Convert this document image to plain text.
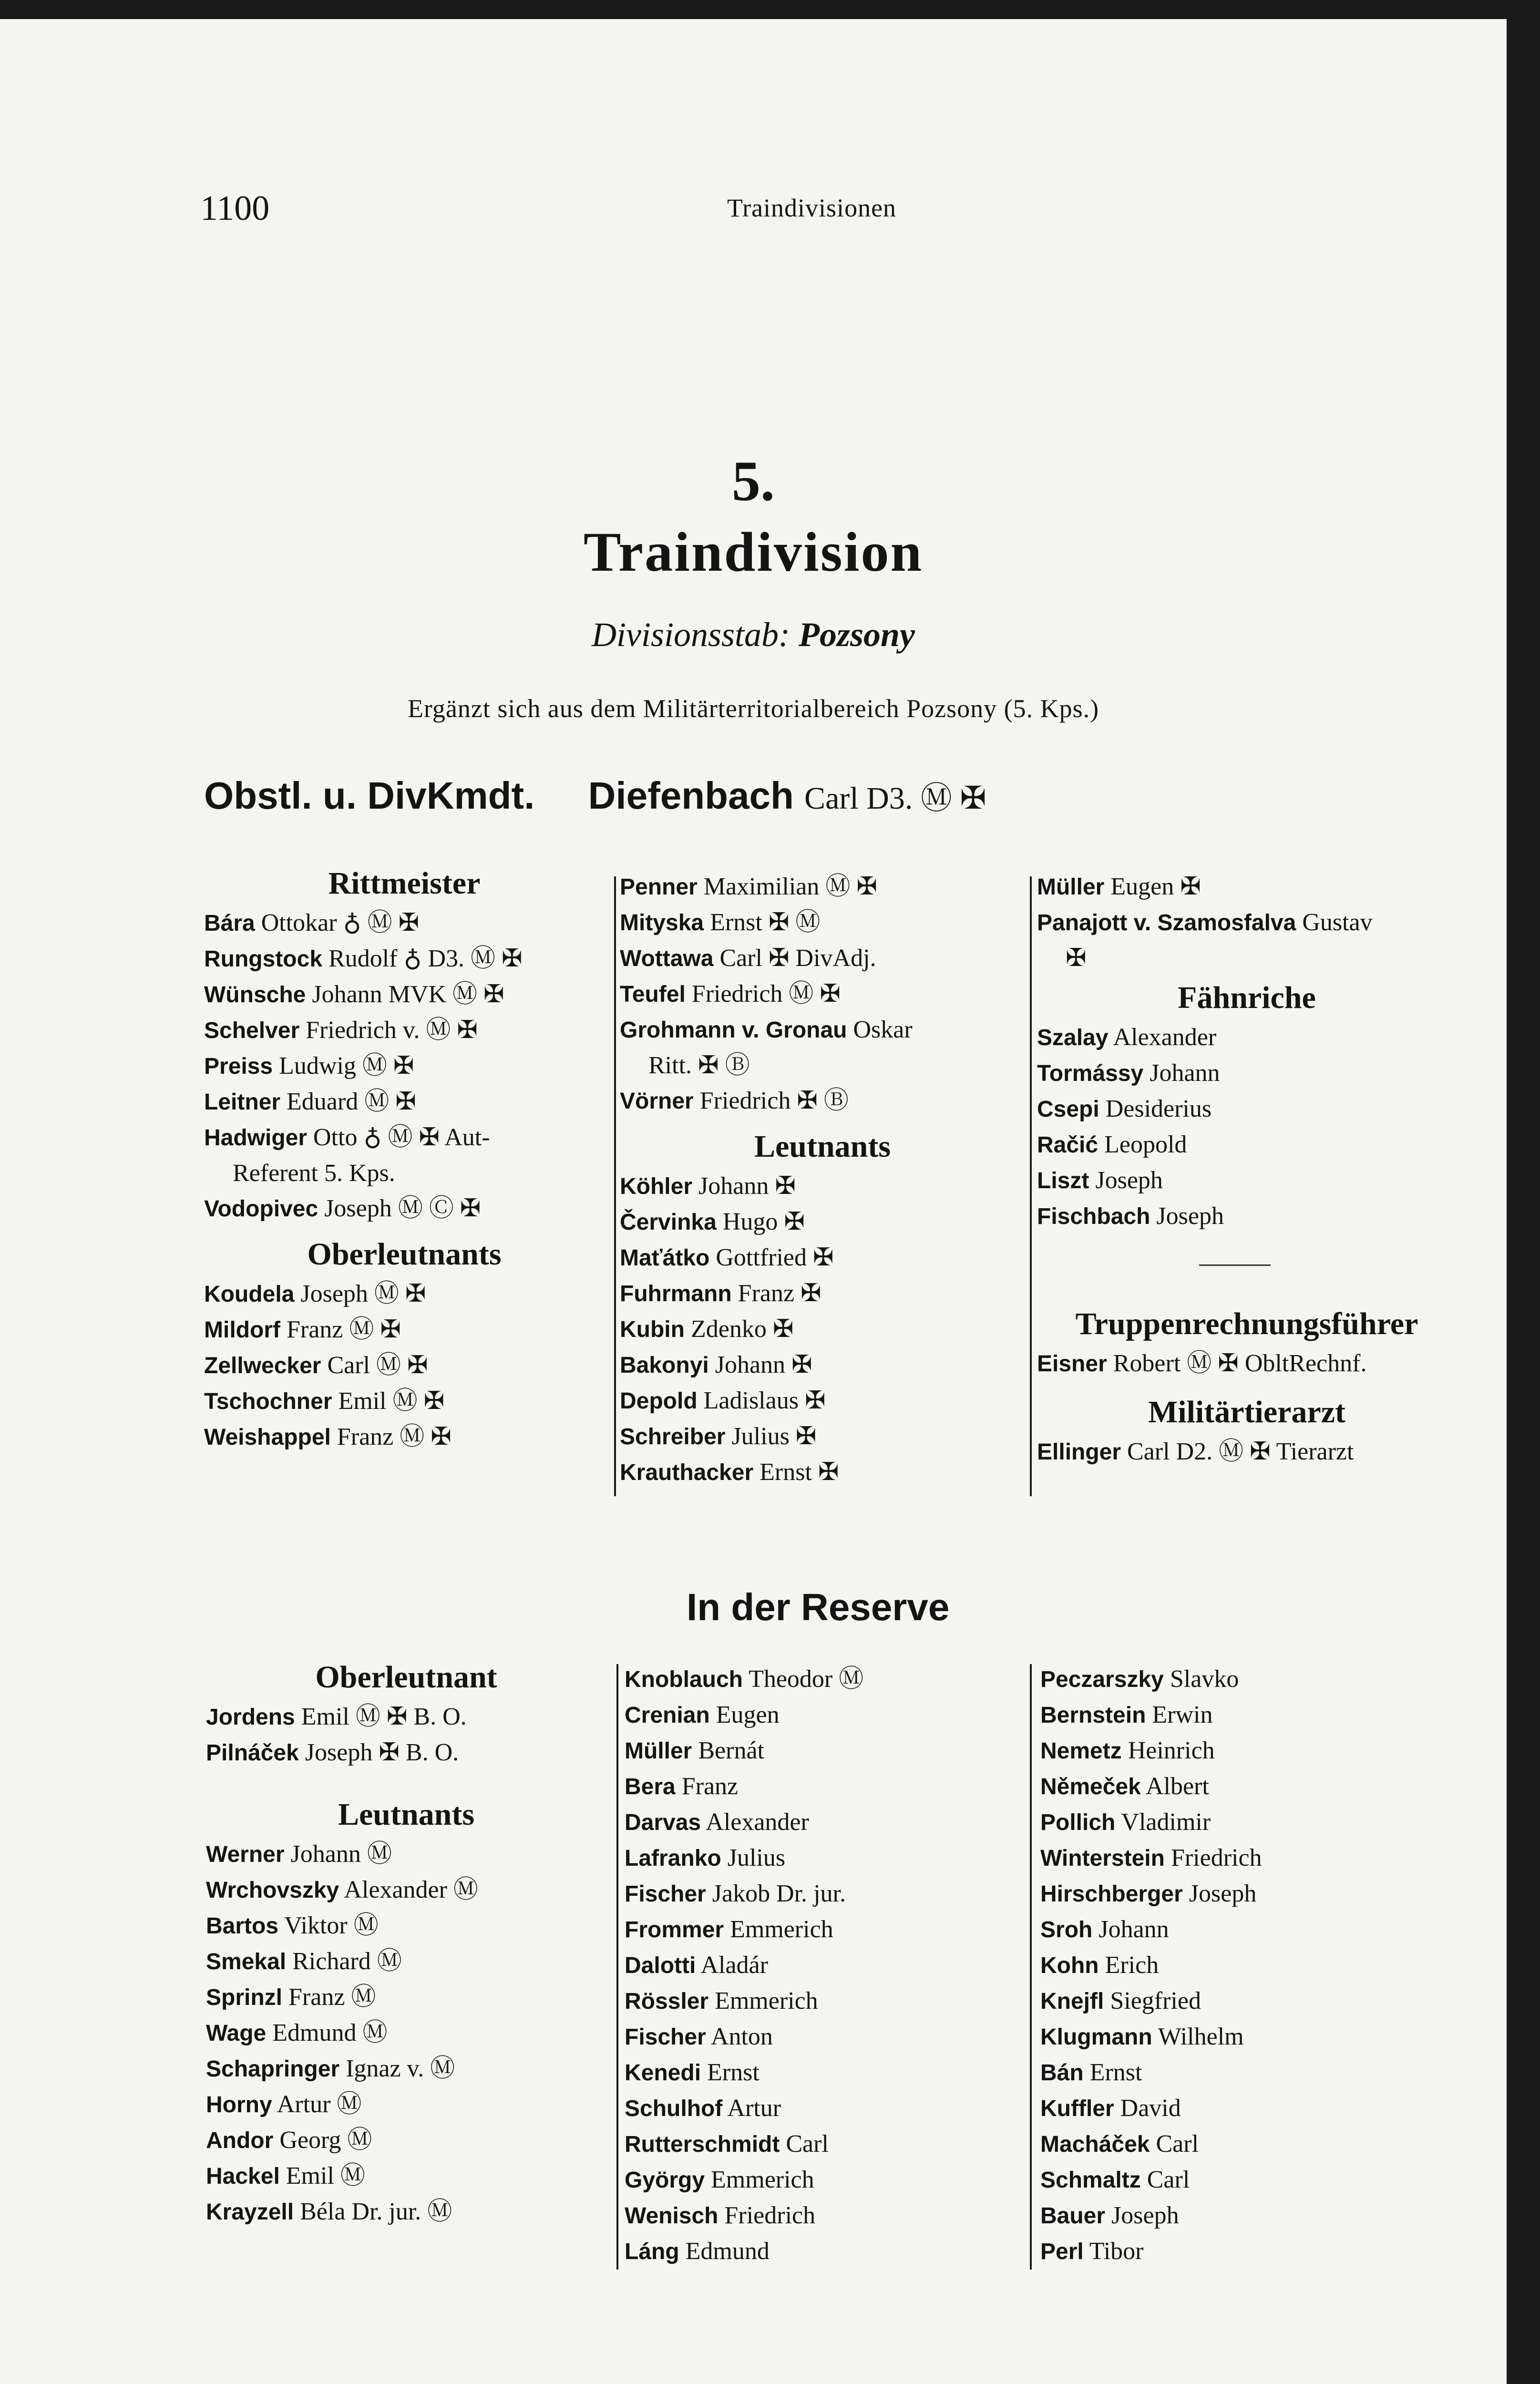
1100	Traindivisionen
5.
Traindivision
Divisionsstab: Pozsony
Ergänzt sich aus dem Militärterritorialbereich Pozsony (5. Kps.)
Obstl. u. DivKmdt. Diefenbach Carl D3. Ⓜ ✠
Rittmeister
Bára Ottokar ♁ Ⓜ ✠
Rungstock Rudolf ♁ D3. Ⓜ ✠
Wünsche Johann MVK Ⓜ ✠
Schelver Friedrich v. Ⓜ ✠
Preiss Ludwig Ⓜ ✠
Leitner Eduard Ⓜ ✠
Hadwiger Otto ♁ Ⓜ ✠ Aut-
Referent 5. Kps.
Vodopivec Joseph Ⓜ Ⓒ ✠
Oberleutnants
Koudela Joseph Ⓜ ✠
Mildorf Franz Ⓜ ✠
Zellwecker Carl Ⓜ ✠
Tschochner Emil Ⓜ ✠
Weishappel Franz Ⓜ ✠
Penner Maximilian Ⓜ ✠
Mityska Ernst ✠ Ⓜ
Wottawa Carl ✠ DivAdj.
Teufel Friedrich Ⓜ ✠
Grohmann v. Gronau Oskar
Ritt. ✠ Ⓑ
Vörner Friedrich ✠ Ⓑ
Leutnants
Köhler Johann ✠
Červinka Hugo ✠
Maťátko Gottfried ✠
Fuhrmann Franz ✠
Kubin Zdenko ✠
Bakonyi Johann ✠
Depold Ladislaus ✠
Schreiber Julius ✠
Krauthacker Ernst ✠
Müller Eugen ✠
Panajott v. Szamosfalva Gustav
✠
Fähnriche
Szalay Alexander
Tormássy Johann
Csepi Desiderius
Račić Leopold
Liszt Joseph
Fischbach Joseph
Truppenrechnungsführer
Eisner Robert Ⓜ ✠ ObltRechnf.
Militärtierarzt
Ellinger Carl D2. Ⓜ ✠ Tierarzt
In der Reserve
Oberleutnant
Jordens Emil Ⓜ ✠ B. O.
Pilnáček Joseph ✠ B. O.
Leutnants
Werner Johann Ⓜ
Wrchovszky Alexander Ⓜ
Bartos Viktor Ⓜ
Smekal Richard Ⓜ
Sprinzl Franz Ⓜ
Wage Edmund Ⓜ
Schapringer Ignaz v. Ⓜ
Horny Artur Ⓜ
Andor Georg Ⓜ
Hackel Emil Ⓜ
Krayzell Béla Dr. jur. Ⓜ
Knoblauch Theodor Ⓜ
Crenian Eugen
Müller Bernát
Bera Franz
Darvas Alexander
Lafranko Julius
Fischer Jakob Dr. jur.
Frommer Emmerich
Dalotti Aladár
Rössler Emmerich
Fischer Anton
Kenedi Ernst
Schulhof Artur
Rutterschmidt Carl
György Emmerich
Wenisch Friedrich
Láng Edmund
Peczarszky Slavko
Bernstein Erwin
Nemetz Heinrich
Němeček Albert
Pollich Vladimir
Winterstein Friedrich
Hirschberger Joseph
Sroh Johann
Kohn Erich
Knejfl Siegfried
Klugmann Wilhelm
Bán Ernst
Kuffler David
Macháček Carl
Schmaltz Carl
Bauer Joseph
Perl Tibor
